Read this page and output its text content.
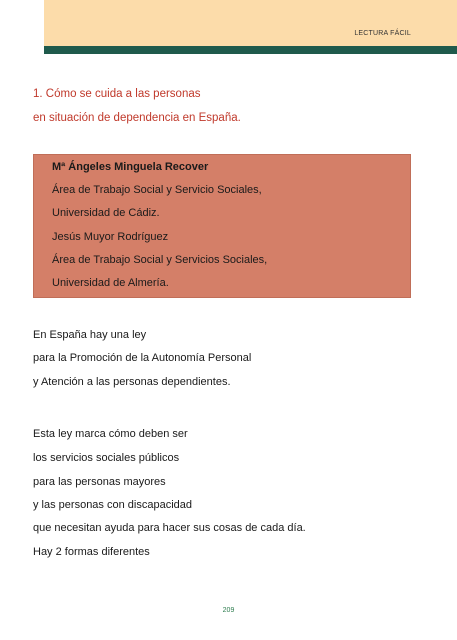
LECTURA FÁCIL
1. Cómo se cuida a las personas
en situación de dependencia en España.
Mª Ángeles Minguela Recover
Área de Trabajo Social y Servicio Sociales,
Universidad de Cádiz.
Jesús Muyor Rodríguez
Área de Trabajo Social y Servicios Sociales,
Universidad de Almería.
En España hay una ley
para la Promoción de la Autonomía Personal
y Atención a las personas dependientes.
Esta ley marca cómo deben ser
los servicios sociales públicos
para las personas mayores
y las personas con discapacidad
que necesitan ayuda para hacer sus cosas de cada día.
Hay 2 formas diferentes
209
